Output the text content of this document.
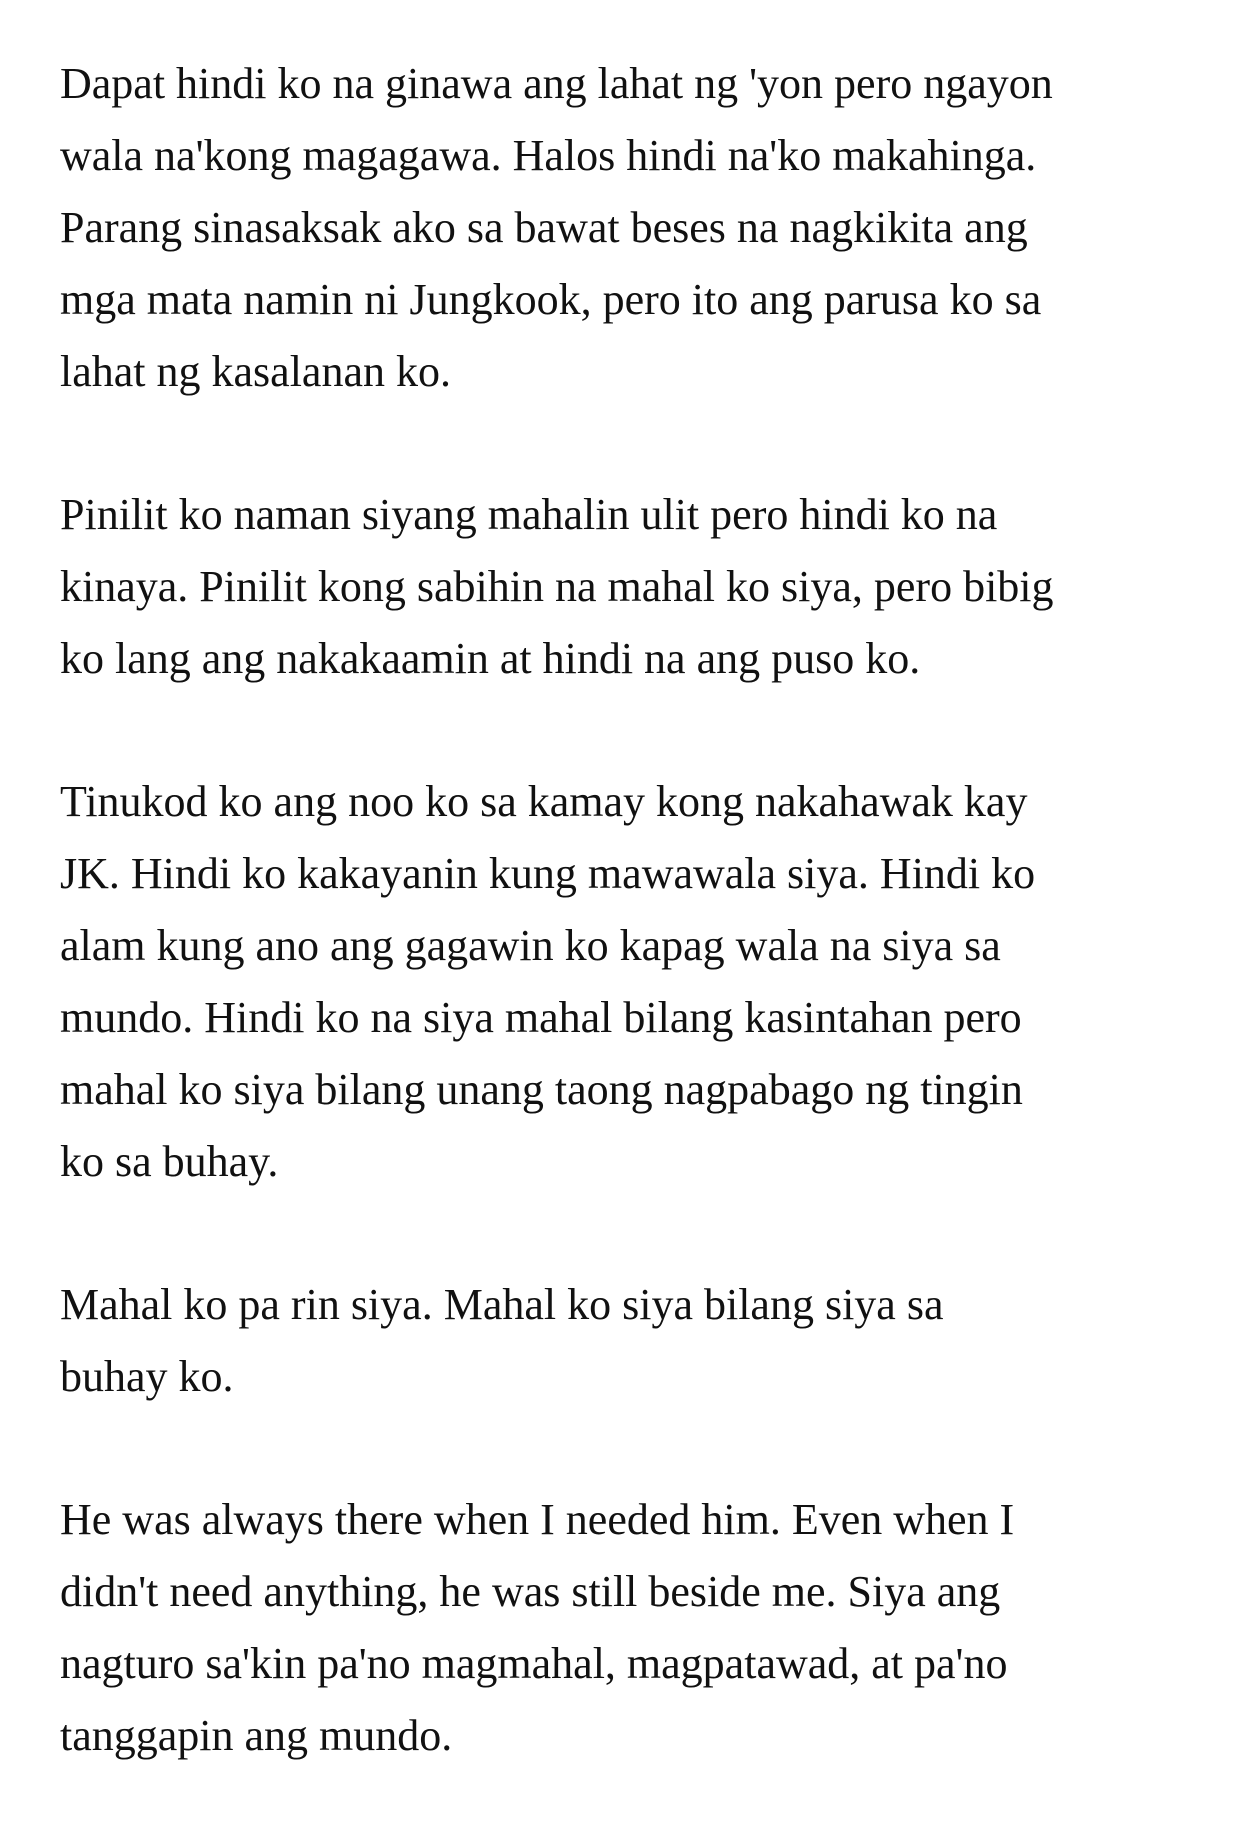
Dapat hindi ko na ginawa ang lahat ng 'yon pero ngayon
wala na'kong magagawa. Halos hindi na'ko makahinga.
Parang sinasaksak ako sa bawat beses na nagkikita ang
mga mata namin ni Jungkook, pero ito ang parusa ko sa
lahat ng kasalanan ko.

Pinilit ko naman siyang mahalin ulit pero hindi ko na
kinaya. Pinilit kong sabihin na mahal ko siya, pero bibig
ko lang ang nakakaamin at hindi na ang puso ko.

Tinukod ko ang noo ko sa kamay kong nakahawak kay
JK. Hindi ko kakayanin kung mawawala siya. Hindi ko
alam kung ano ang gagawin ko kapag wala na siya sa
mundo. Hindi ko na siya mahal bilang kasintahan pero
mahal ko siya bilang unang taong nagpabago ng tingin
ko sa buhay.

Mahal ko pa rin siya. Mahal ko siya bilang siya sa
buhay ko.

He was always there when I needed him. Even when I
didn't need anything, he was still beside me. Siya ang
nagturo sa'kin pa'no magmahal, magpatawad, at pa'no
tanggapin ang mundo.
